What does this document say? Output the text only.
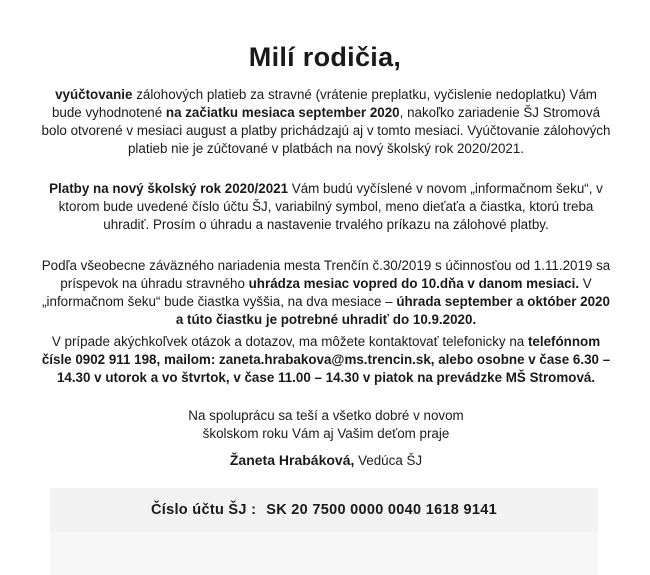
Milí rodičia,
vyúčtovanie zálohových platieb za stravné (vrátenie preplatku, vyčislenie nedoplatku) Vám bude vyhodnotené na začiatku mesiaca september 2020, nakoľko zariadenie ŠJ Stromová bolo otvorené v mesiaci august a platby prichádzajú aj v tomto mesiaci. Vyúčtovanie zálohových platieb nie je zúčtované v platbách na nový školský rok 2020/2021.
Platby na nový školský rok 2020/2021 Vám budú vyčíslené v novom „informačnom šeku“, v ktorom bude uvedené číslo účtu ŠJ, variabilný symbol, meno dieťaťa a čiastka, ktorú treba uhradiť. Prosím o úhradu a nastavenie trvalého príkazu na zálohové platby.
Podľa všeobecne záväzného nariadenia mesta Trenčín č.30/2019 s účinnosťou od 1.11.2019 sa príspevok na úhradu stravného uhrádza mesiac vopred do 10.dňa v danom mesiaci. V „informačnom šeku“ bude čiastka vyššia, na dva mesiace – úhrada september a október 2020 a túto čiastku je potrebné uhradiť do 10.9.2020.
V prípade akýchkoľvek otázok a dotazov, ma môžete kontaktovať telefonicky na telefónnom čísle 0902 911 198, mailom: zaneta.hrabakova@ms.trencin.sk, alebo osobne v čase 6.30 – 14.30 v utorok a vo štvrtok, v čase 11.00 – 14.30 v piatok na prevádzke MŠ Stromová.
Na spoluprácu sa teší a všetko dobré v novom
školskom roku Vám aj Vašim deťom praje
Žaneta Hrabáková, Vedúca ŠJ
Číslo účtu ŠJ : SK 20 7500 0000 0040 1618 9141
